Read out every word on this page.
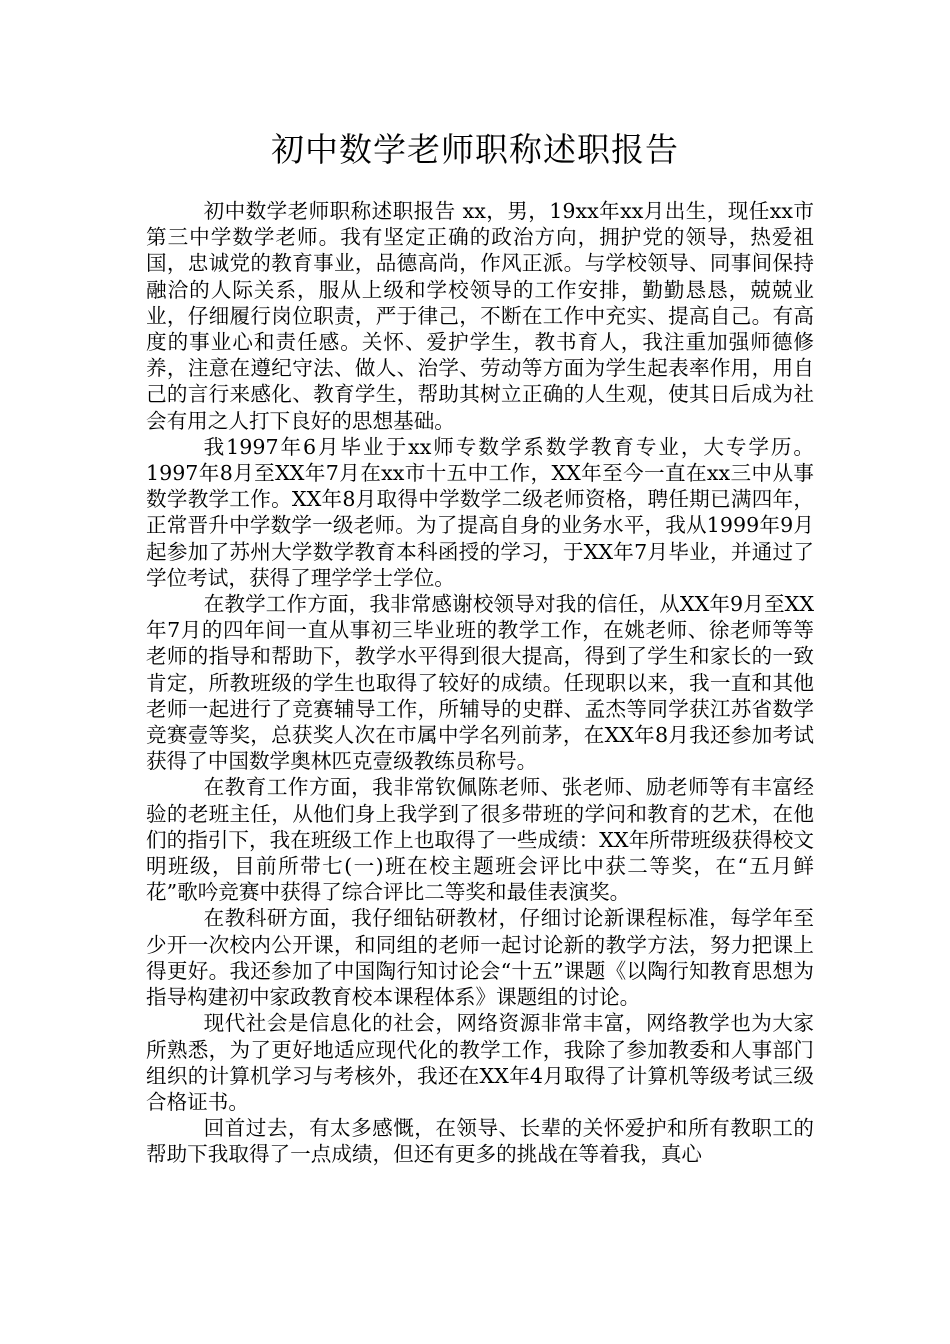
初中数学老师职称述职报告

初中数学老师职称述职报告 xx，男，19xx年xx月出生，现任xx市第三中学数学老师。我有坚定正确的政治方向，拥护党的领导，热爱祖国，忠诚党的教育事业，品德高尚，作风正派。与学校领导、同事间保持融洽的人际关系，服从上级和学校领导的工作安排，勤勤恳恳，兢兢业业，仔细履行岗位职责，严于律己，不断在工作中充实、提高自己。有高度的事业心和责任感。关怀、爱护学生，教书育人，我注重加强师德修养，注意在遵纪守法、做人、治学、劳动等方面为学生起表率作用，用自己的言行来感化、教育学生，帮助其树立正确的人生观，使其日后成为社会有用之人打下良好的思想基础。

我1997年6月毕业于xx师专数学系数学教育专业，大专学历。1997年8月至XX年7月在xx市十五中工作，XX年至今一直在xx三中从事数学教学工作。XX年8月取得中学数学二级老师资格，聘任期已满四年，正常晋升中学数学一级老师。为了提高自身的业务水平，我从1999年9月起参加了苏州大学数学教育本科函授的学习，于XX年7月毕业，并通过了学位考试，获得了理学学士学位。

在教学工作方面，我非常感谢校领导对我的信任，从XX年9月至XX年7月的四年间一直从事初三毕业班的教学工作，在姚老师、徐老师等等老师的指导和帮助下，教学水平得到很大提高，得到了学生和家长的一致肯定，所教班级的学生也取得了较好的成绩。任现职以来，我一直和其他老师一起进行了竞赛辅导工作，所辅导的史群、孟杰等同学获江苏省数学竞赛壹等奖，总获奖人次在市属中学名列前茅，在XX年8月我还参加考试获得了中国数学奥林匹克壹级教练员称号。

在教育工作方面，我非常钦佩陈老师、张老师、励老师等有丰富经验的老班主任，从他们身上我学到了很多带班的学问和教育的艺术，在他们的指引下，我在班级工作上也取得了一些成绩：XX年所带班级获得校文明班级，目前所带七(一)班在校主题班会评比中获二等奖，在“五月鲜花”歌吟竞赛中获得了综合评比二等奖和最佳表演奖。

在教科研方面，我仔细钻研教材，仔细讨论新课程标准，每学年至少开一次校内公开课，和同组的老师一起讨论新的教学方法，努力把课上得更好。我还参加了中国陶行知讨论会“十五”课题《以陶行知教育思想为指导构建初中家政教育校本课程体系》课题组的讨论。

现代社会是信息化的社会，网络资源非常丰富，网络教学也为大家所熟悉，为了更好地适应现代化的教学工作，我除了参加教委和人事部门组织的计算机学习与考核外，我还在XX年4月取得了计算机等级考试三级合格证书。

回首过去，有太多感慨，在领导、长辈的关怀爱护和所有教职工的帮助下我取得了一点成绩，但还有更多的挑战在等着我，真心
